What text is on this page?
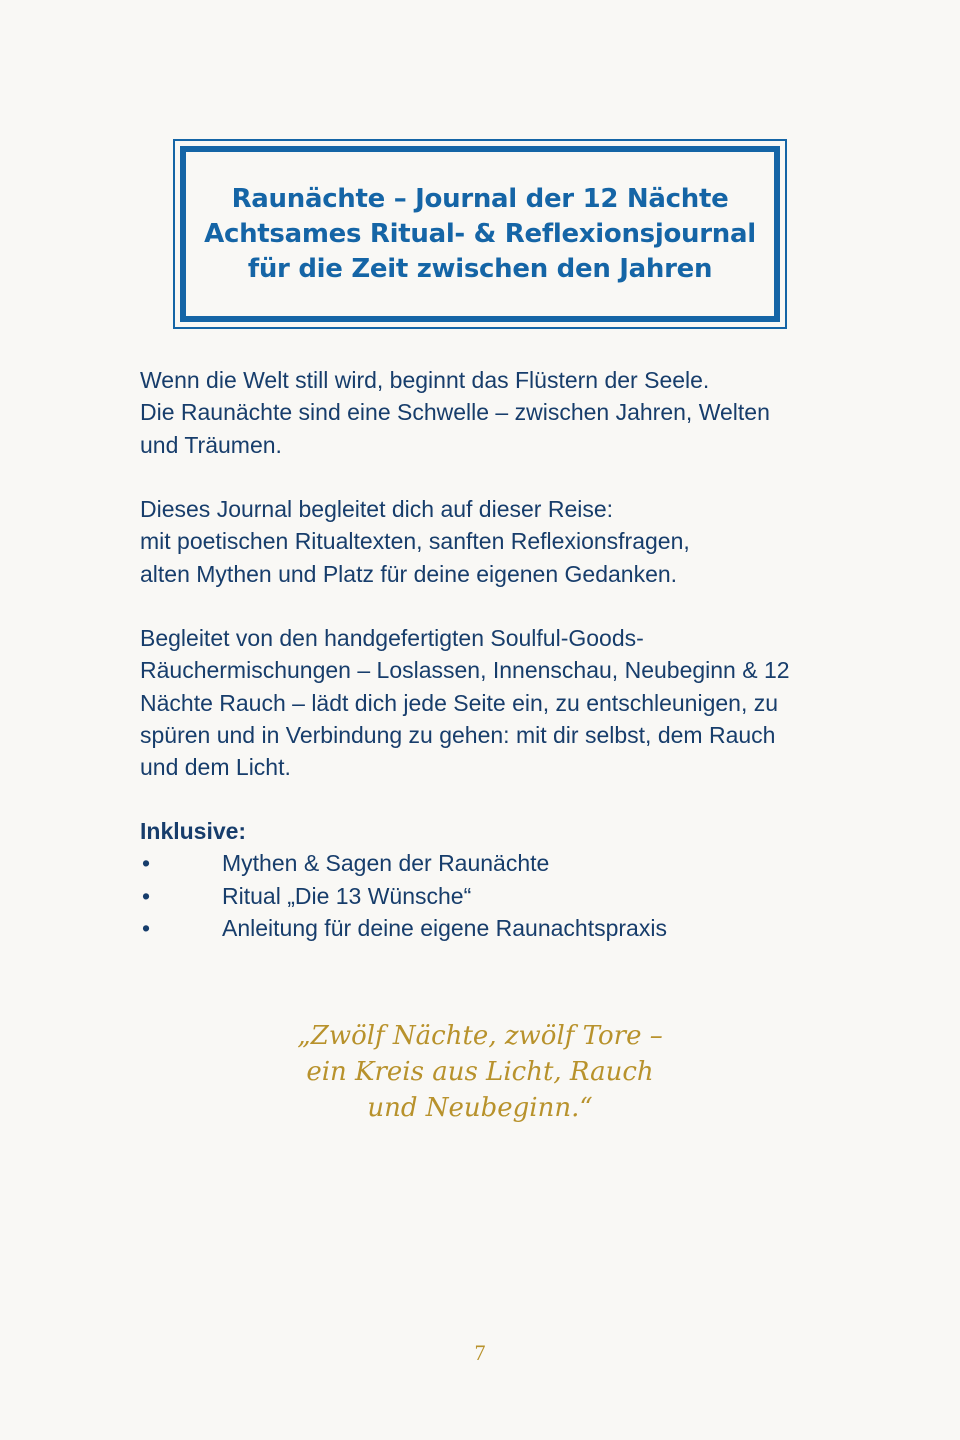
Raunächte – Journal der 12 Nächte
Achtsames Ritual- & Reflexionsjournal
für die Zeit zwischen den Jahren
Wenn die Welt still wird, beginnt das Flüstern der Seele.
Die Raunächte sind eine Schwelle – zwischen Jahren, Welten
und Träumen.
Dieses Journal begleitet dich auf dieser Reise:
mit poetischen Ritualtexten, sanften Reflexionsfragen,
alten Mythen und Platz für deine eigenen Gedanken.
Begleitet von den handgefertigten Soulful-Goods-
Räuchermischungen – Loslassen, Innenschau, Neubeginn & 12
Nächte Rauch – lädt dich jede Seite ein, zu entschleunigen, zu
spüren und in Verbindung zu gehen: mit dir selbst, dem Rauch
und dem Licht.
Inklusive:
•	Mythen & Sagen der Raunächte
•	Ritual „Die 13 Wünsche“
•	Anleitung für deine eigene Raunachtspraxis
„Zwölf Nächte, zwölf Tore –
ein Kreis aus Licht, Rauch
und Neubeginn.“
7
